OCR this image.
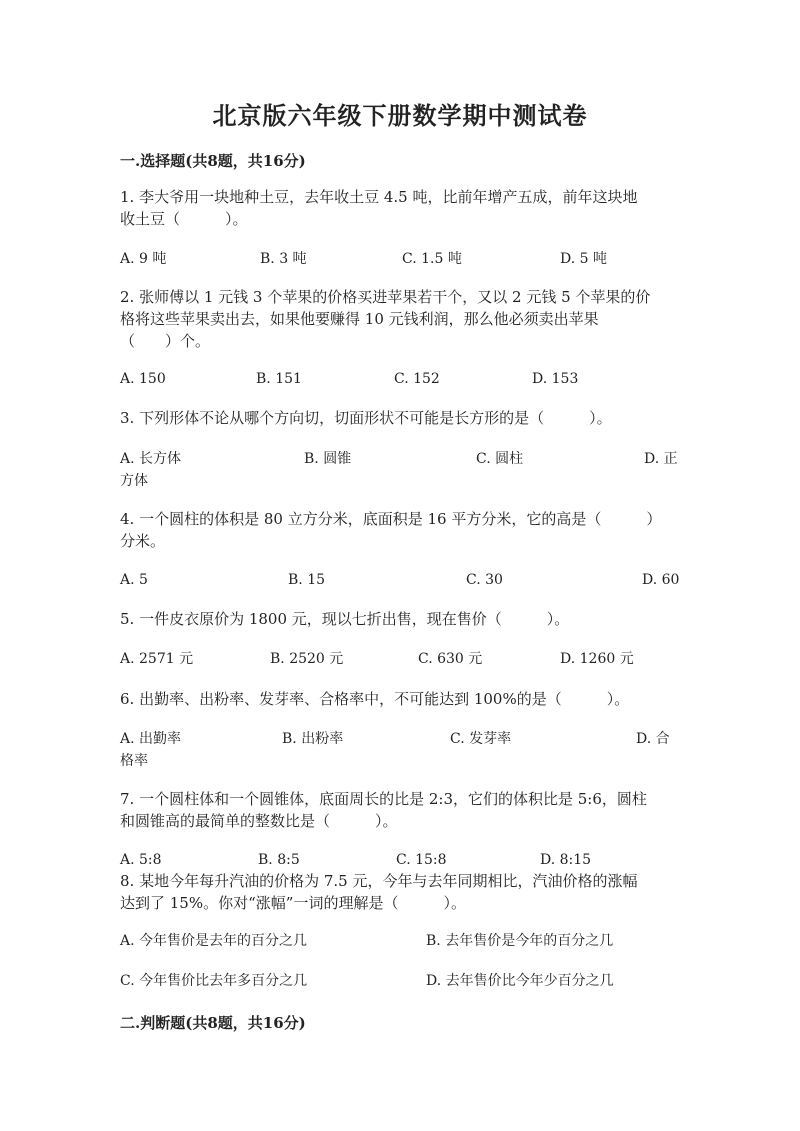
北京版六年级下册数学期中测试卷
一.选择题(共8题，共16分)
1. 李大爷用一块地种土豆，去年收土豆 4.5 吨，比前年增产五成，前年这块地
收土豆（　　　）。
A. 9 吨	B. 3 吨	C. 1.5 吨	D. 5 吨
2. 张师傅以 1 元钱 3 个苹果的价格买进苹果若干个，又以 2 元钱 5 个苹果的价
格将这些苹果卖出去，如果他要赚得 10 元钱利润，那么他必须卖出苹果
（　　）个。
A. 150	B. 151	C. 152	D. 153
3. 下列形体不论从哪个方向切，切面形状不可能是长方形的是（　　　）。
A. 长方体	B. 圆锥	C. 圆柱	D. 正
方体
4. 一个圆柱的体积是 80 立方分米，底面积是 16 平方分米，它的高是（　　　）
分米。
A. 5	B. 15	C. 30	D. 60
5. 一件皮衣原价为 1800 元，现以七折出售，现在售价（　　　）。
A. 2571 元	B. 2520 元	C. 630 元	D. 1260 元
6. 出勤率、出粉率、发芽率、合格率中，不可能达到 100%的是（　　　）。
A. 出勤率	B. 出粉率	C. 发芽率	D. 合
格率
7. 一个圆柱体和一个圆锥体，底面周长的比是 2:3，它们的体积比是 5:6，圆柱
和圆锥高的最简单的整数比是（　　　）。
A. 5:8	B. 8:5	C. 15:8	D. 8:15
8. 某地今年每升汽油的价格为 7.5 元，今年与去年同期相比，汽油价格的涨幅
达到了 15%。你对“涨幅”一词的理解是（　　　）。
A. 今年售价是去年的百分之几	B. 去年售价是今年的百分之几
C. 今年售价比去年多百分之几	D. 去年售价比今年少百分之几
二.判断题(共8题，共16分)
